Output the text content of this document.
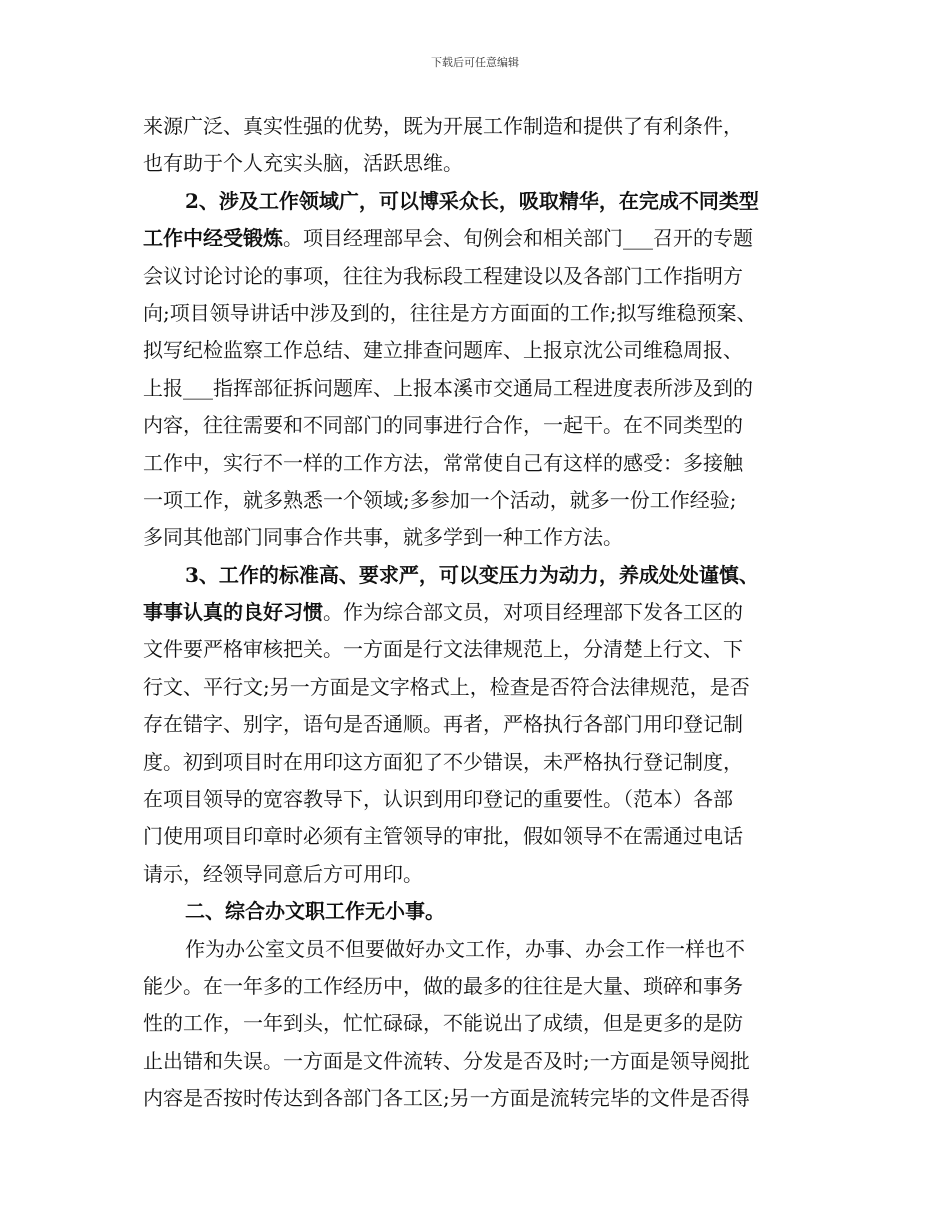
下载后可任意编辑
来源广泛、真实性强的优势，既为开展工作制造和提供了有利条件，
也有助于个人充实头脑，活跃思维。
2、涉及工作领域广，可以博采众长，吸取精华，在完成不同类型
工作中经受锻炼。项目经理部早会、旬例会和相关部门___召开的专题
会议讨论讨论的事项，往往为我标段工程建设以及各部门工作指明方
向;项目领导讲话中涉及到的，往往是方方面面的工作;拟写维稳预案、
拟写纪检监察工作总结、建立排查问题库、上报京沈公司维稳周报、
上报___指挥部征拆问题库、上报本溪市交通局工程进度表所涉及到的
内容，往往需要和不同部门的同事进行合作，一起干。在不同类型的
工作中，实行不一样的工作方法，常常使自己有这样的感受：多接触
一项工作，就多熟悉一个领域;多参加一个活动，就多一份工作经验;
多同其他部门同事合作共事，就多学到一种工作方法。
3、工作的标准高、要求严，可以变压力为动力，养成处处谨慎、
事事认真的良好习惯。作为综合部文员，对项目经理部下发各工区的
文件要严格审核把关。一方面是行文法律规范上，分清楚上行文、下
行文、平行文;另一方面是文字格式上，检查是否符合法律规范，是否
存在错字、别字，语句是否通顺。再者，严格执行各部门用印登记制
度。初到项目时在用印这方面犯了不少错误，未严格执行登记制度，
在项目领导的宽容教导下，认识到用印登记的重要性。（范本）各部
门使用项目印章时必须有主管领导的审批，假如领导不在需通过电话
请示，经领导同意后方可用印。
二、综合办文职工作无小事。
作为办公室文员不但要做好办文工作，办事、办会工作一样也不
能少。在一年多的工作经历中，做的最多的往往是大量、琐碎和事务
性的工作，一年到头，忙忙碌碌，不能说出了成绩，但是更多的是防
止出错和失误。一方面是文件流转、分发是否及时;一方面是领导阅批
内容是否按时传达到各部门各工区;另一方面是流转完毕的文件是否得
